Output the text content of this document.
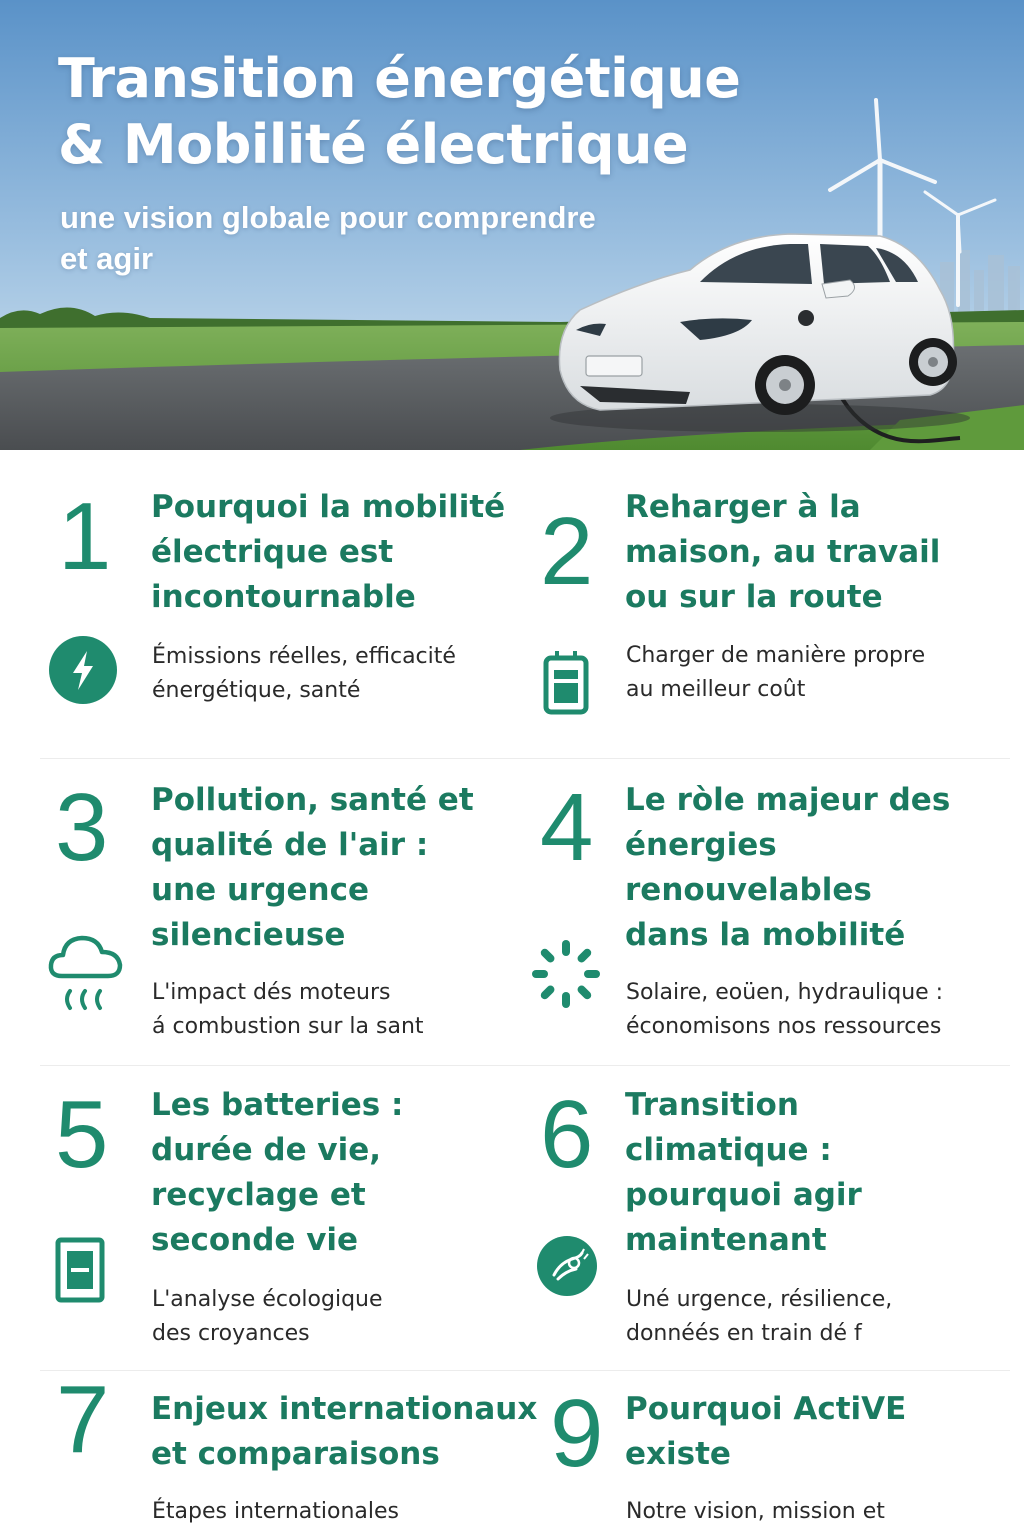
Transition énergétique
& Mobilité électrique

une vision globale pour comprendre
et agir

1 Pourquoi la mobilité
électrique est
incontournable

Émissions réelles, efficacité
énergétique, santé

2 Reharger à la
maison, au travail
ou sur la route

Charger de manière propre
au meilleur coût

3 Pollution, santé et
qualité de l'air :
une urgence
silencieuse

L'impact dés moteurs
á combustion sur la sant

4 Le ròle majeur des
énergies
renouvelables
dans la mobilité

Solaire, eoüen, hydraulique :
économisons nos ressources

5 Les batteries :
durée de vie,
recyclage et
seconde vie

L'analyse écologique
des croyances

6 Transition
climatique :
pourquoi agir
maintenant

Uné urgence, résilience,
donnéés en train dé f

7 Enjeux internationaux
et comparaisons

Étapes internationales

9 Pourquoi ActiVE
existe

Notre vision, mission et
